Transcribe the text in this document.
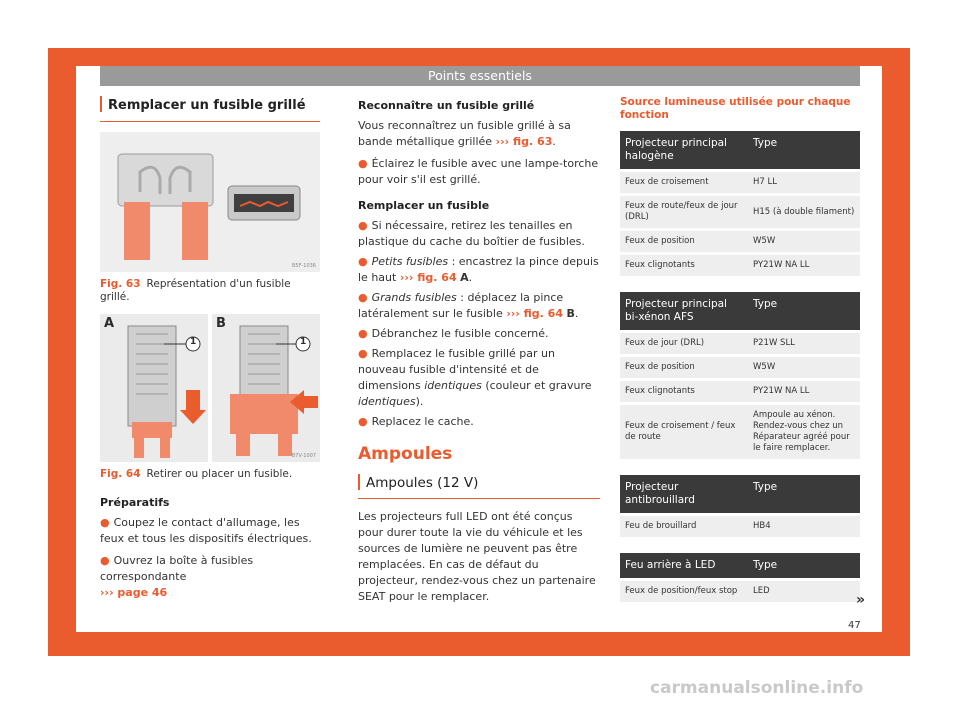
Points essentiels
Remplacer un fusible grillé
B5F-1036
Fig. 63 Représentation d'un fusible grillé.
A	B
1	1
B7V-1007
Fig. 64 Retirer ou placer un fusible.

Préparatifs

● Coupez le contact d'allumage, les feux et tous les dispositifs électriques.

● Ouvrez la boîte à fusibles correspondante
››› page 46

Reconnaître un fusible grillé

Vous reconnaîtrez un fusible grillé à sa bande métallique grillée ››› fig. 63.

● Éclairez le fusible avec une lampe-torche pour voir s'il est grillé.

Remplacer un fusible

● Si nécessaire, retirez les tenailles en plastique du cache du boîtier de fusibles.

● Petits fusibles : encastrez la pince depuis le haut ››› fig. 64 A.

● Grands fusibles : déplacez la pince latéralement sur le fusible ››› fig. 64 B.

● Débranchez le fusible concerné.

● Remplacez le fusible grillé par un nouveau fusible d'intensité et de dimensions identiques (couleur et gravure identiques).

● Replacez le cache.

Ampoules
Ampoules (12 V)

Les projecteurs full LED ont été conçus pour durer toute la vie du véhicule et les sources de lumière ne peuvent pas être remplacées. En cas de défaut du projecteur, rendez-vous chez un partenaire SEAT pour le remplacer.

Source lumineuse utilisée pour chaque fonction
Projecteur principal halogène	Type
Feux de croisement	H7 LL
Feux de route/feux de jour (DRL)	H15 (à double filament)
Feux de position	W5W
Feux clignotants	PY21W NA LL
Projecteur principal bi-xénon AFS	Type
Feux de jour (DRL)	P21W SLL
Feux de position	W5W
Feux clignotants	PY21W NA LL
Feux de croisement / feux de route	Ampoule au xénon. Rendez-vous chez un Réparateur agréé pour le faire remplacer.
Projecteur antibrouillard	Type
Feu de brouillard	HB4
Feu arrière à LED	Type
Feux de position/feux stop	LED
»
47
carmanualsonline.info
